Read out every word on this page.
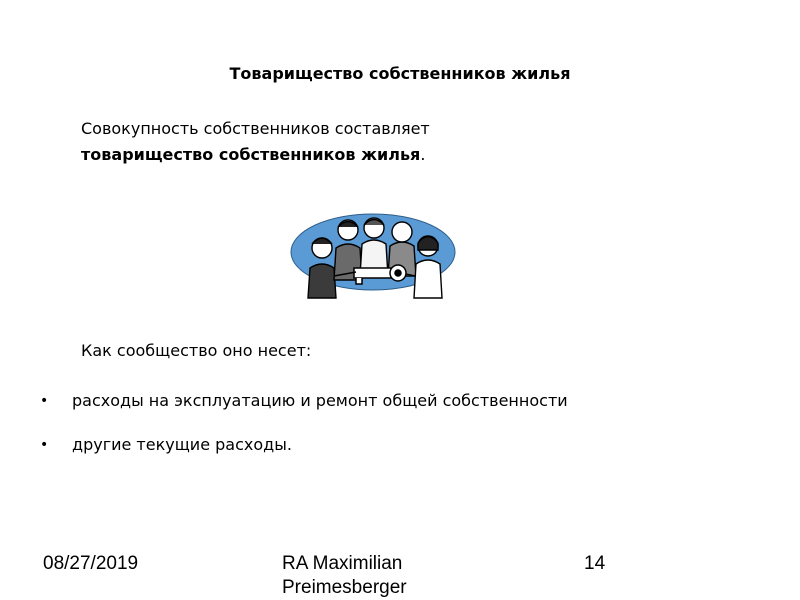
Товарищество собственников жилья
Совокупность собственников составляет
товарищество собственников жилья.
Как сообщество оно несет:
• расходы на эксплуатацию и ремонт общей собственности
• другие текущие расходы.
08/27/2019	RA Maximilian
Preimesberger
14
